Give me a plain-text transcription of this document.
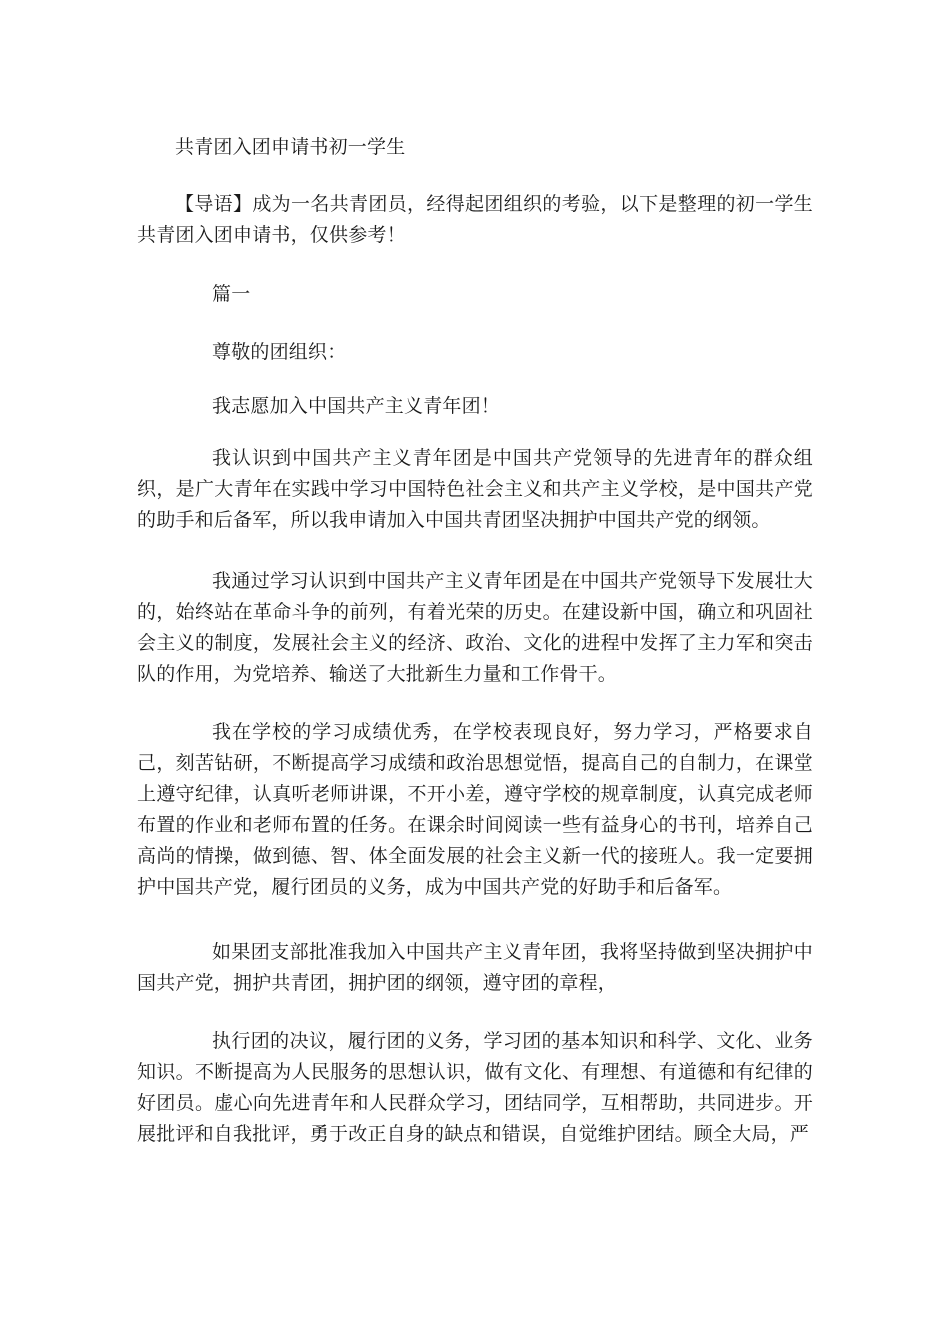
共青团入团申请书初一学生
【导语】成为一名共青团员，经得起团组织的考验，以下是整理的初一学生共青团入团申请书，仅供参考！
篇一
尊敬的团组织：
我志愿加入中国共产主义青年团！
我认识到中国共产主义青年团是中国共产党领导的先进青年的群众组织，是广大青年在实践中学习中国特色社会主义和共产主义学校，是中国共产党的助手和后备军，所以我申请加入中国共青团坚决拥护中国共产党的纲领。
我通过学习认识到中国共产主义青年团是在中国共产党领导下发展壮大的，始终站在革命斗争的前列，有着光荣的历史。在建设新中国，确立和巩固社会主义的制度，发展社会主义的经济、政治、文化的进程中发挥了主力军和突击队的作用，为党培养、输送了大批新生力量和工作骨干。
我在学校的学习成绩优秀，在学校表现良好，努力学习，严格要求自己，刻苦钻研，不断提高学习成绩和政治思想觉悟，提高自己的自制力，在课堂上遵守纪律，认真听老师讲课，不开小差，遵守学校的规章制度，认真完成老师布置的作业和老师布置的任务。在课余时间阅读一些有益身心的书刊，培养自己高尚的情操，做到德、智、体全面发展的社会主义新一代的接班人。我一定要拥护中国共产党，履行团员的义务，成为中国共产党的好助手和后备军。
如果团支部批准我加入中国共产主义青年团，我将坚持做到坚决拥护中国共产党，拥护共青团，拥护团的纲领，遵守团的章程，
执行团的决议，履行团的义务，学习团的基本知识和科学、文化、业务知识。不断提高为人民服务的思想认识，做有文化、有理想、有道德和有纪律的好团员。虚心向先进青年和人民群众学习，团结同学，互相帮助，共同进步。开展批评和自我批评，勇于改正自身的缺点和错误，自觉维护团结。顾全大局，严
